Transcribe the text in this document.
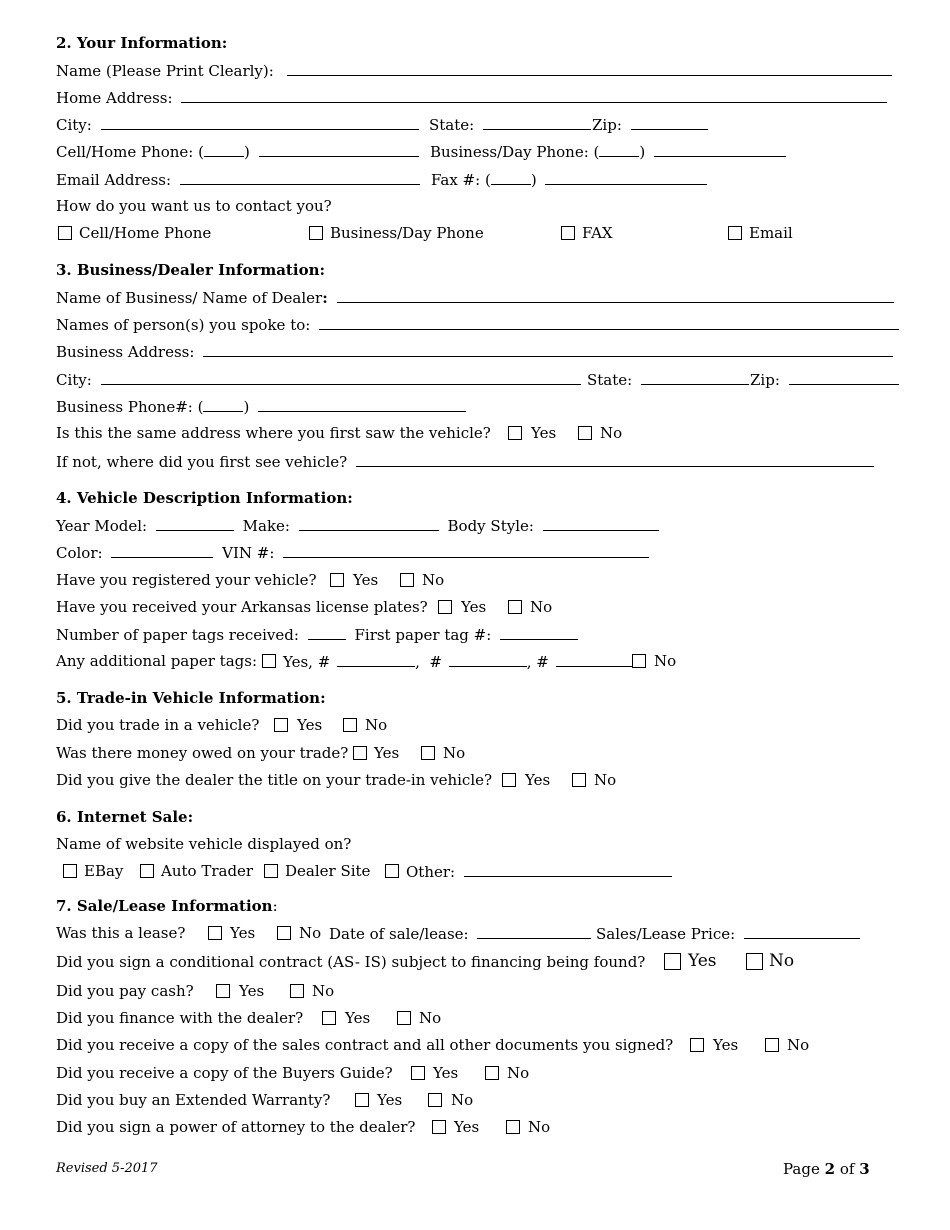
2. Your Information:
Name (Please Print Clearly):
Home Address:
City:	State:	Zip:
Cell/Home Phone: (	)	Business/Day Phone: (	)
Email Address:	Fax #: (	)
How do you want us to contact you?
Cell/Home Phone	Business/Day Phone	FAX	Email
3. Business/Dealer Information:
Name of Business/ Name of Dealer:
Names of person(s) you spoke to:
Business Address:
City:	State:	Zip:
Business Phone#: (	)
Is this the same address where you first saw the vehicle?	Yes	No
If not, where did you first see vehicle?
4. Vehicle Description Information:
Year Model:	Make:	Body Style:
Color:	VIN #:
Have you registered your vehicle? Yes	No
Have you received your Arkansas license plates? Yes	No
Number of paper tags received:	First paper tag #:
Any additional paper tags: Yes, #	,  #	, #	No
5. Trade-in Vehicle Information:
Did you trade in a vehicle?	Yes	No
Was there money owed on your trade? Yes	No
Did you give the dealer the title on your trade-in vehicle? Yes	No
6. Internet Sale:
Name of website vehicle displayed on?
EBay	Auto Trader Dealer Site Other:
7. Sale/Lease Information:
Was this a lease?	Yes	No Date of sale/lease:	Sales/Lease Price:
Did you sign a conditional contract (AS- IS) subject to financing being found?	Yes	No
Did you pay cash?	Yes	No
Did you finance with the dealer?	Yes	No
Did you receive a copy of the sales contract and all other documents you signed?	Yes	No
Did you receive a copy of the Buyers Guide?	Yes	No
Did you buy an Extended Warranty?	Yes	No
Did you sign a power of attorney to the dealer?	Yes	No
Revised 5-2017	Page 2 of 3
